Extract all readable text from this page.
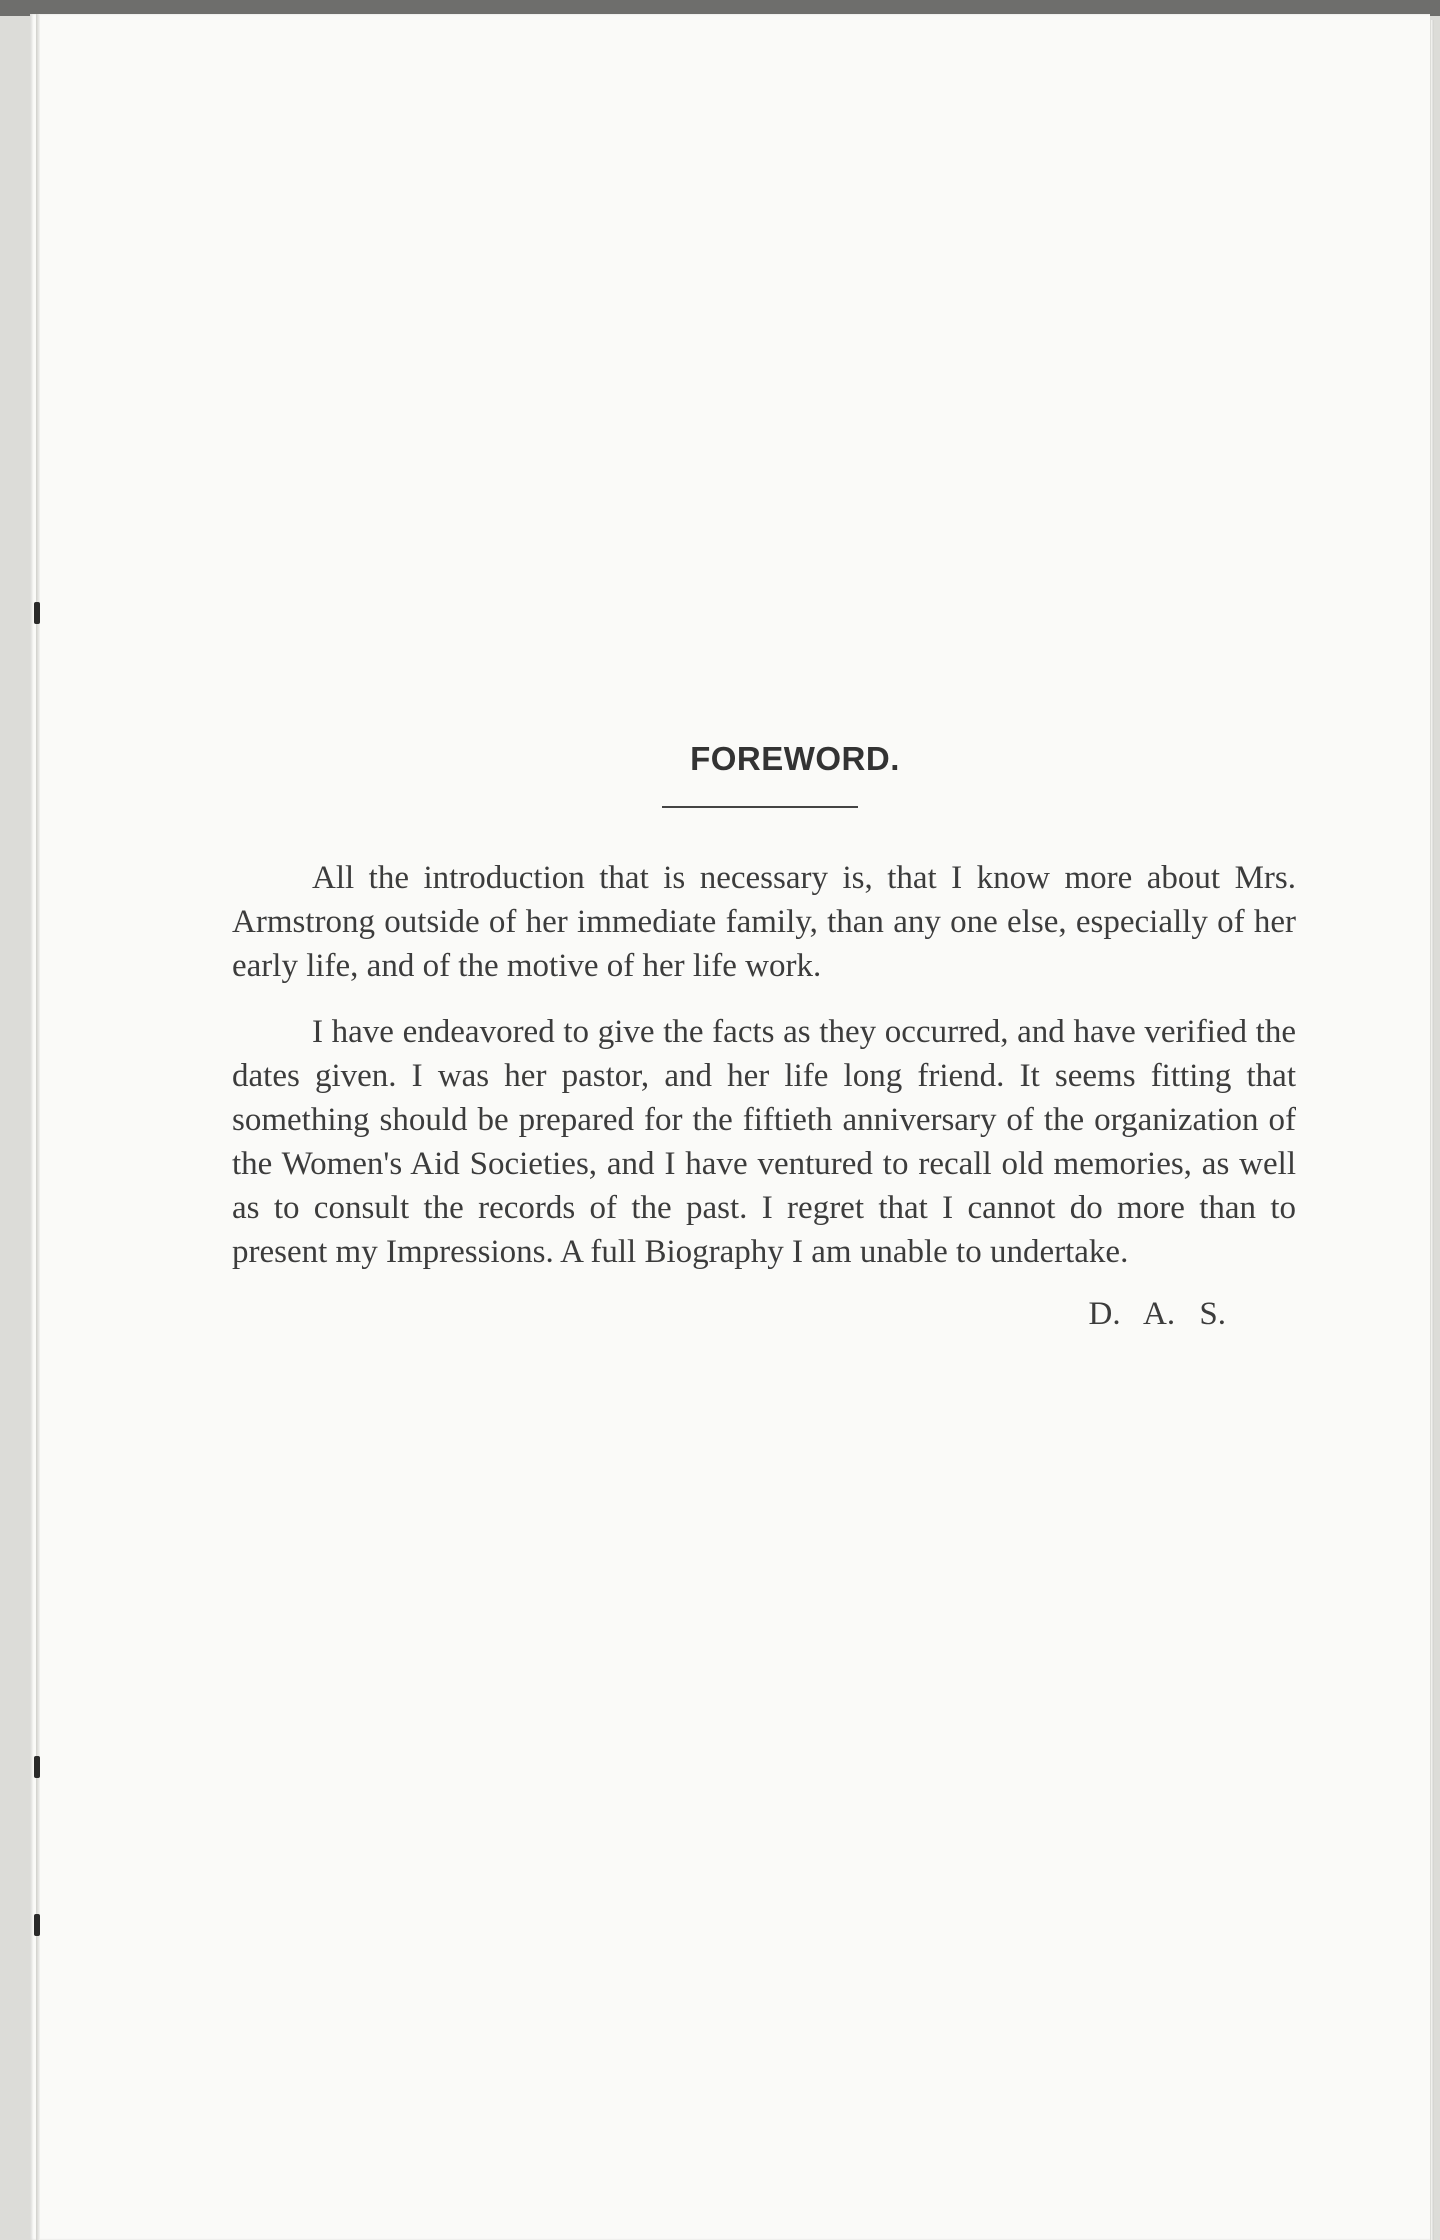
FOREWORD.

All the introduction that is necessary is, that I know more about Mrs. Armstrong outside of her immediate family, than any one else, especially of her early life, and of the motive of her life work.

I have endeavored to give the facts as they occurred, and have verified the dates given. I was her pastor, and her life long friend. It seems fitting that something should be prepared for the fiftieth anniversary of the organization of the Women's Aid Societies, and I have ventured to recall old memories, as well as to consult the records of the past. I regret that I cannot do more than to present my Impressions. A full Biography I am unable to undertake.

D. A. S.
